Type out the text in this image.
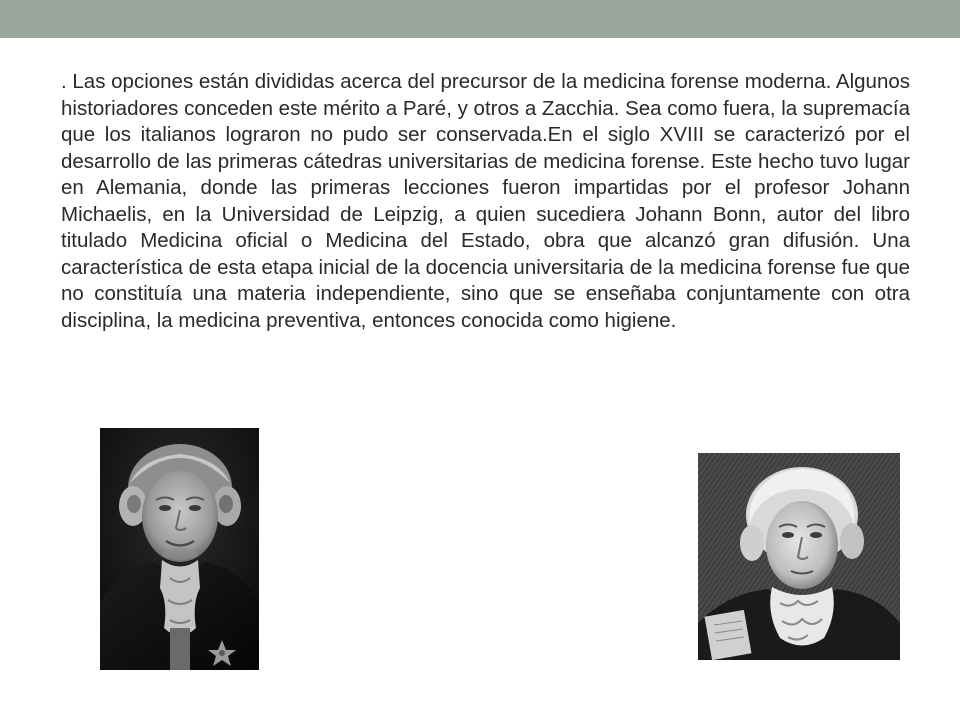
. Las opciones están divididas acerca del precursor de la medicina forense moderna. Algunos historiadores conceden este mérito a Paré, y otros a Zacchia. Sea como fuera, la supremacía que los italianos lograron no pudo ser conservada.En el siglo XVIII se caracterizó por el desarrollo de las primeras cátedras universitarias de medicina forense. Este hecho tuvo lugar en Alemania, donde las primeras lecciones fueron impartidas por el profesor Johann Michaelis, en la Universidad de Leipzig, a quien sucediera Johann Bonn, autor del libro titulado Medicina oficial o Medicina del Estado, obra que alcanzó gran difusión. Una característica de esta etapa inicial de la docencia universitaria de la medicina forense fue que no constituía una materia independiente, sino que se enseñaba conjuntamente con otra disciplina, la medicina preventiva, entonces conocida como higiene.
